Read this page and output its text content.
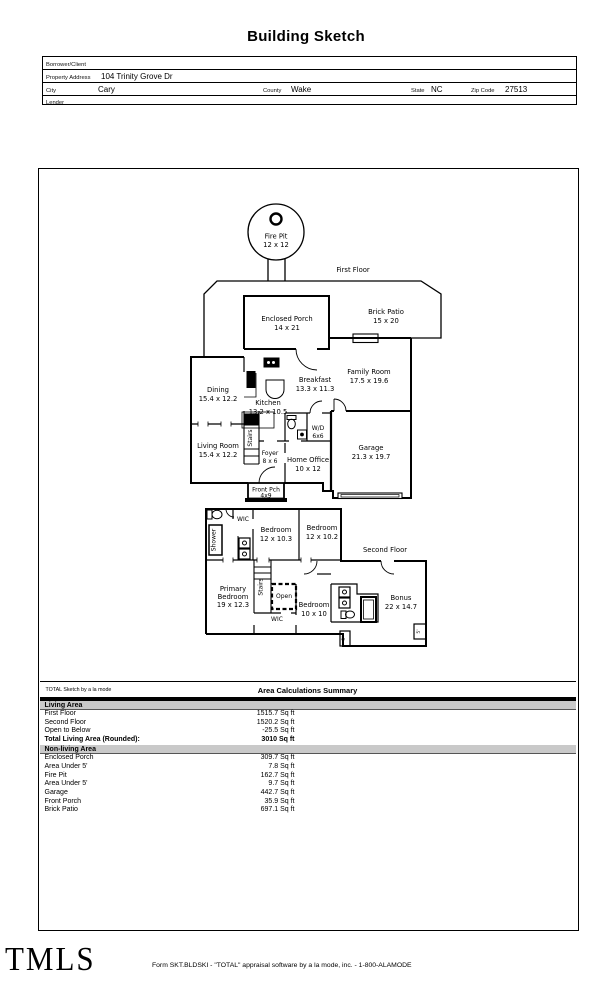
Building Sketch
Borrower/Client
Property Address 104 Trinity Grove Dr
City	Cary	County Wake	State NC	Zip Code 27513
Lender
Fire Pit
12 x 12
First Floor
Enclosed Porch
14 x 21
Brick Patio
15 x 20
Dining
15.4 x 12.2	Kitchen
13.2 x 10.5
Breakfast
13.3 x 11.3
Family Room
17.5 x 19.6
Living Room
15.4 x 12.2
Stairs
Foyer
8 x 6 Home Office
10 x 12
W/D
6x6
Garage
21.3 x 19.7
Front Pch
4x9
Shower
WIC
Bedroom
12 x 10.3
Bedroom
12 x 10.2
Second Floor
Primary
Bedroom
19 x 12.3
Stairs
Open
Bedroom
10 x 10
WIC
Bonus
22 x 14.7
5'
5'
TOTAL Sketch by a la mode	Area Calculations Summary
Living Area
First Floor	1515.7 Sq ft
Second Floor	1520.2 Sq ft
Open to Below	-25.5 Sq ft
Total Living Area (Rounded):	3010 Sq ft
Non-living Area
Enclosed Porch	309.7 Sq ft
Area Under 5'	7.8 Sq ft
Fire Pit	162.7 Sq ft
Area Under 5'	9.7 Sq ft
Garage	442.7 Sq ft
Front Porch	35.9 Sq ft
Brick Patio	697.1 Sq ft
TMLS	Form SKT.BLDSKI - "TOTAL" appraisal software by a la mode, inc. - 1-800-ALAMODE
